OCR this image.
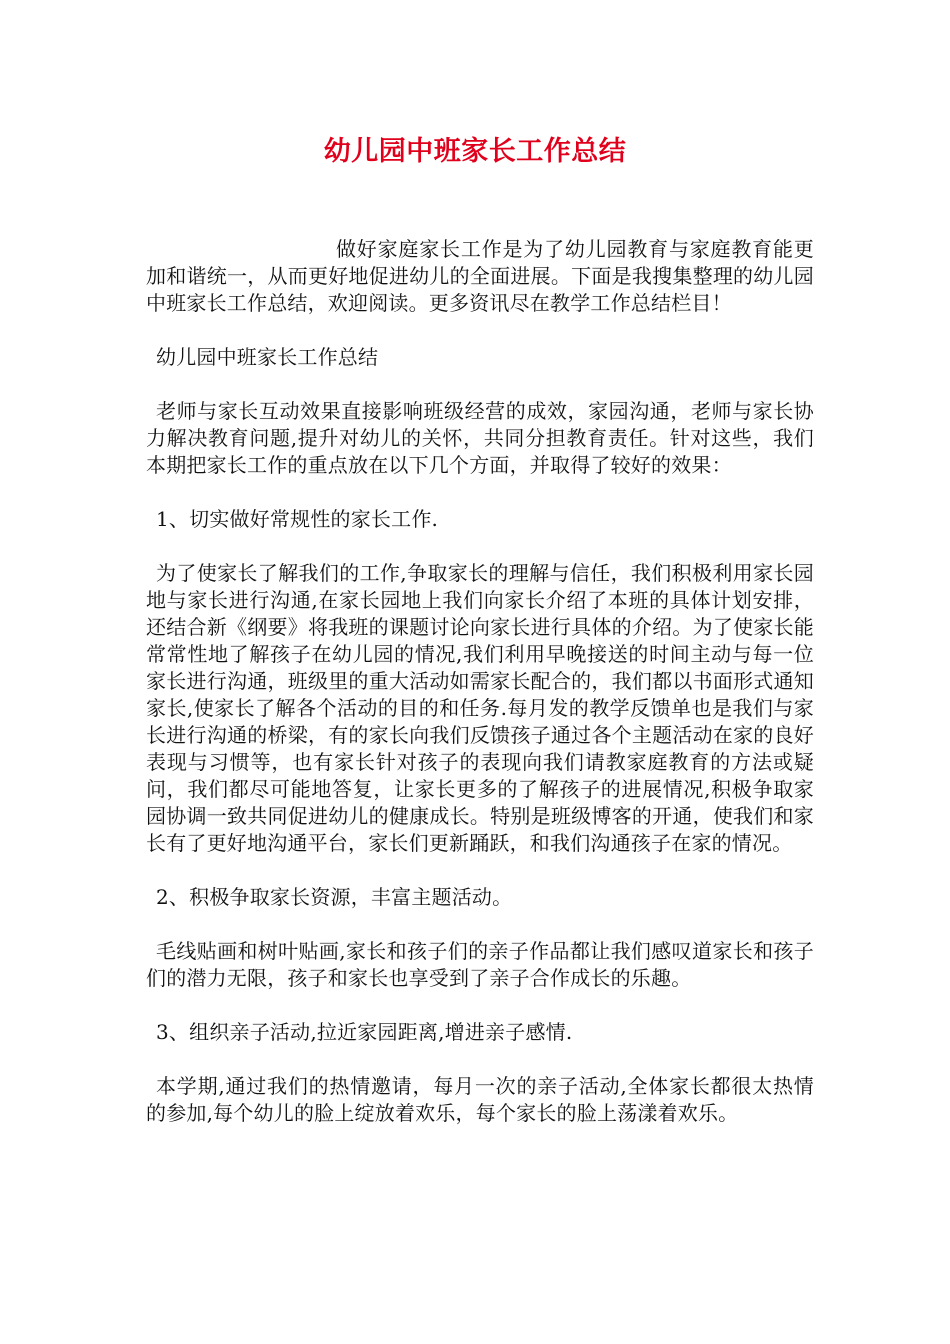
幼儿园中班家长工作总结

做好家庭家长工作是为了幼儿园教育与家庭教育能更加和谐统一，从而更好地促进幼儿的全面进展。下面是我搜集整理的幼儿园中班家长工作总结，欢迎阅读。更多资讯尽在教学工作总结栏目！

幼儿园中班家长工作总结

老师与家长互动效果直接影响班级经营的成效，家园沟通，老师与家长协力解决教育问题,提升对幼儿的关怀，共同分担教育责任。针对这些，我们本期把家长工作的重点放在以下几个方面，并取得了较好的效果：

1、切实做好常规性的家长工作.

为了使家长了解我们的工作,争取家长的理解与信任，我们积极利用家长园地与家长进行沟通,在家长园地上我们向家长介绍了本班的具体计划安排，还结合新《纲要》将我班的课题讨论向家长进行具体的介绍。为了使家长能常常性地了解孩子在幼儿园的情况,我们利用早晚接送的时间主动与每一位家长进行沟通，班级里的重大活动如需家长配合的，我们都以书面形式通知家长,使家长了解各个活动的目的和任务.每月发的教学反馈单也是我们与家长进行沟通的桥梁，有的家长向我们反馈孩子通过各个主题活动在家的良好表现与习惯等，也有家长针对孩子的表现向我们请教家庭教育的方法或疑问，我们都尽可能地答复，让家长更多的了解孩子的进展情况,积极争取家园协调一致共同促进幼儿的健康成长。特别是班级博客的开通，使我们和家长有了更好地沟通平台，家长们更新踊跃，和我们沟通孩子在家的情况。

2、积极争取家长资源，丰富主题活动。

毛线贴画和树叶贴画,家长和孩子们的亲子作品都让我们感叹道家长和孩子们的潜力无限，孩子和家长也享受到了亲子合作成长的乐趣。

3、组织亲子活动,拉近家园距离,增进亲子感情.

本学期,通过我们的热情邀请，每月一次的亲子活动,全体家长都很太热情的参加,每个幼儿的脸上绽放着欢乐，每个家长的脸上荡漾着欢乐。
